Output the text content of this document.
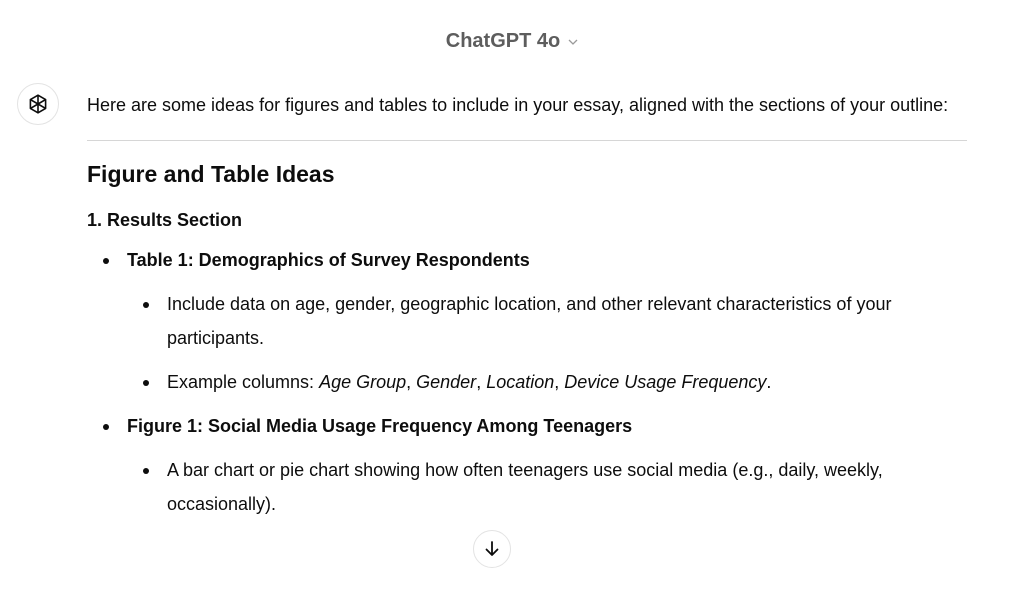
ChatGPT 4o

Here are some ideas for figures and tables to include in your essay, aligned with the sections of your outline:

Figure and Table Ideas
1. Results Section
Table 1: Demographics of Survey Respondents
Include data on age, gender, geographic location, and other relevant characteristics of your participants.
Example columns: Age Group, Gender, Location, Device Usage Frequency.
Figure 1: Social Media Usage Frequency Among Teenagers
A bar chart or pie chart showing how often teenagers use social media (e.g., daily, weekly, occasionally).
